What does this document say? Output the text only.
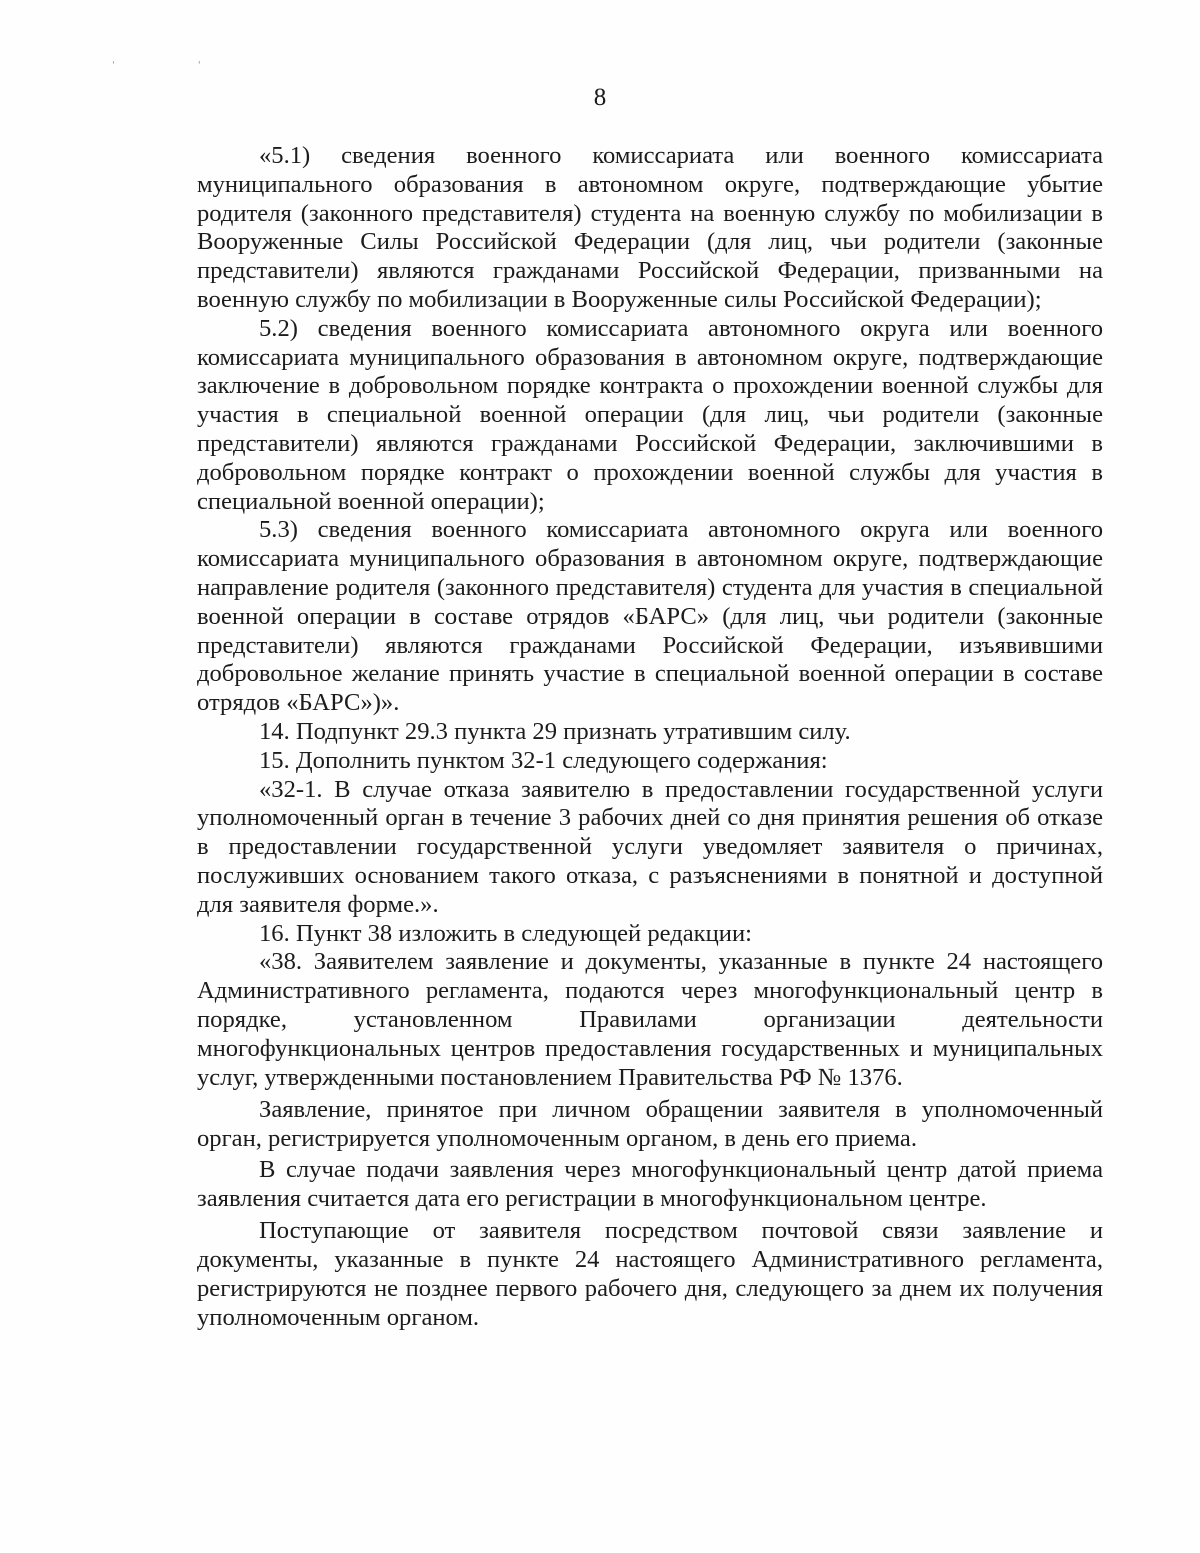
' '
8

«5.1) сведения военного комиссариата или военного комиссариата муниципального образования в автономном округе, подтверждающие убытие родителя (законного представителя) студента на военную службу по мобилизации в Вооруженные Силы Российской Федерации (для лиц, чьи родители (законные представители) являются гражданами Российской Федерации, призванными на военную службу по мобилизации в Вооруженные силы Российской Федерации);

5.2) сведения военного комиссариата автономного округа или военного комиссариата муниципального образования в автономном округе, подтверждающие заключение в добровольном порядке контракта о прохождении военной службы для участия в специальной военной операции (для лиц, чьи родители (законные представители) являются гражданами Российской Федерации, заключившими в добровольном порядке контракт о прохождении военной службы для участия в специальной военной операции);

5.3) сведения военного комиссариата автономного округа или военного комиссариата муниципального образования в автономном округе, подтверждающие направление родителя (законного представителя) студента для участия в специальной военной операции в составе отрядов «БАРС» (для лиц, чьи родители (законные представители) являются гражданами Российской Федерации, изъявившими добровольное желание принять участие в специальной военной операции в составе отрядов «БАРС»)».

14. Подпункт 29.3 пункта 29 признать утратившим силу.

15. Дополнить пунктом 32-1 следующего содержания:

«32-1. В случае отказа заявителю в предоставлении государственной услуги уполномоченный орган в течение 3 рабочих дней со дня принятия решения об отказе в предоставлении государственной услуги уведомляет заявителя о причинах, послуживших основанием такого отказа, с разъяснениями в понятной и доступной для заявителя форме.».

16. Пункт 38 изложить в следующей редакции:

«38. Заявителем заявление и документы, указанные в пункте 24 настоящего Административного регламента, подаются через многофункциональный центр в порядке, установленном Правилами организации деятельности многофункциональных центров предоставления государственных и муниципальных услуг, утвержденными постановлением Правительства РФ № 1376.

Заявление, принятое при личном обращении заявителя в уполномоченный орган, регистрируется уполномоченным органом, в день его приема.

В случае подачи заявления через многофункциональный центр датой приема заявления считается дата его регистрации в многофункциональном центре.

Поступающие от заявителя посредством почтовой связи заявление и документы, указанные в пункте 24 настоящего Административного регламента, регистрируются не позднее первого рабочего дня, следующего за днем их получения уполномоченным органом.
